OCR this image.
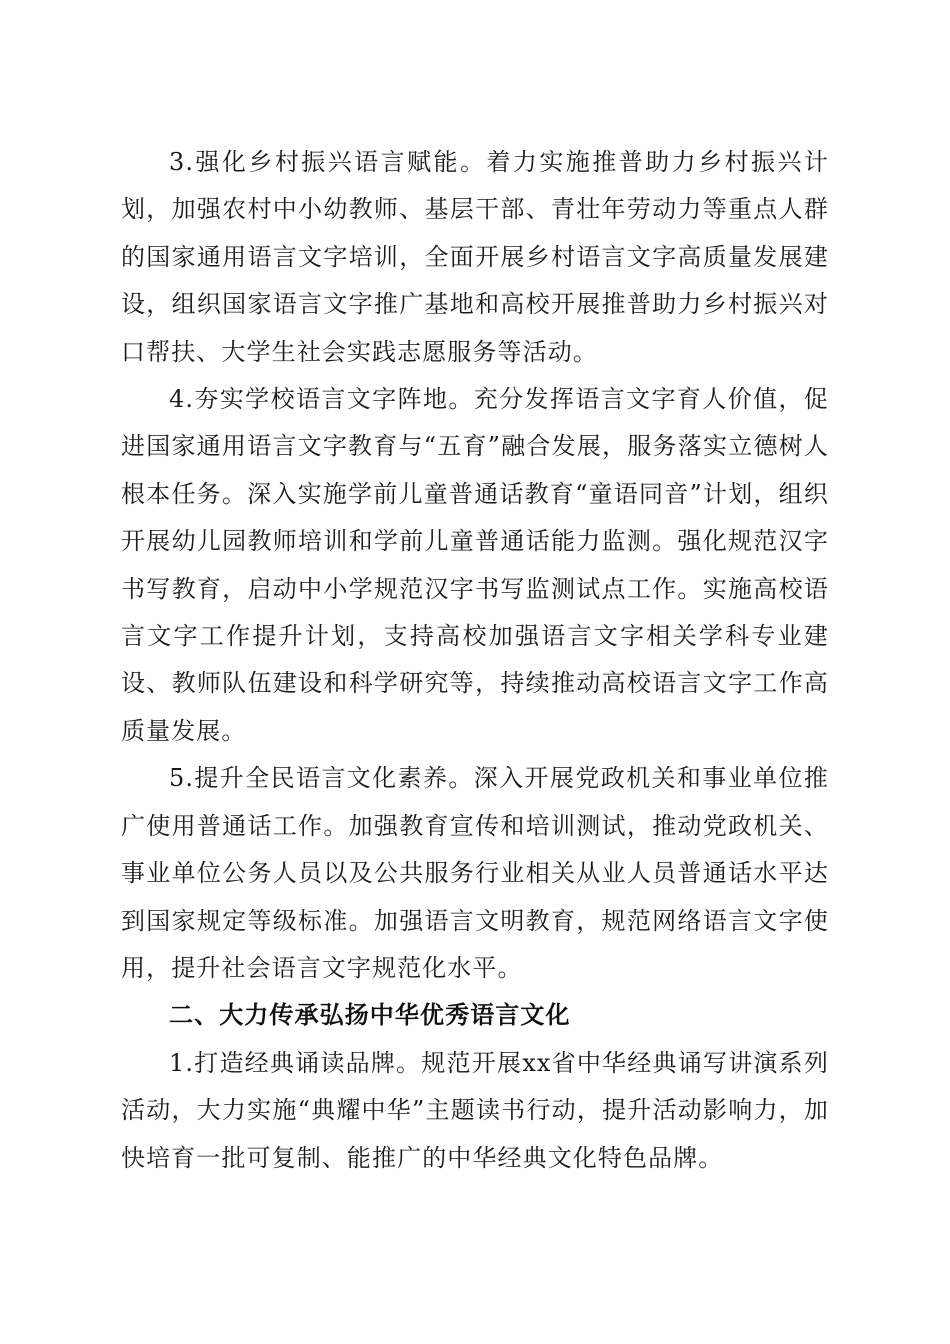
3.强化乡村振兴语言赋能。着力实施推普助力乡村振兴计划，加强农村中小幼教师、基层干部、青壮年劳动力等重点人群的国家通用语言文字培训，全面开展乡村语言文字高质量发展建设，组织国家语言文字推广基地和高校开展推普助力乡村振兴对口帮扶、大学生社会实践志愿服务等活动。

4.夯实学校语言文字阵地。充分发挥语言文字育人价值，促进国家通用语言文字教育与“五育”融合发展，服务落实立德树人根本任务。深入实施学前儿童普通话教育“童语同音”计划，组织开展幼儿园教师培训和学前儿童普通话能力监测。强化规范汉字书写教育，启动中小学规范汉字书写监测试点工作。实施高校语言文字工作提升计划，支持高校加强语言文字相关学科专业建设、教师队伍建设和科学研究等，持续推动高校语言文字工作高质量发展。

5.提升全民语言文化素养。深入开展党政机关和事业单位推广使用普通话工作。加强教育宣传和培训测试，推动党政机关、事业单位公务人员以及公共服务行业相关从业人员普通话水平达到国家规定等级标准。加强语言文明教育，规范网络语言文字使用，提升社会语言文字规范化水平。

二、大力传承弘扬中华优秀语言文化

1.打造经典诵读品牌。规范开展xx省中华经典诵写讲演系列活动，大力实施“典耀中华”主题读书行动，提升活动影响力，加快培育一批可复制、能推广的中华经典文化特色品牌。
